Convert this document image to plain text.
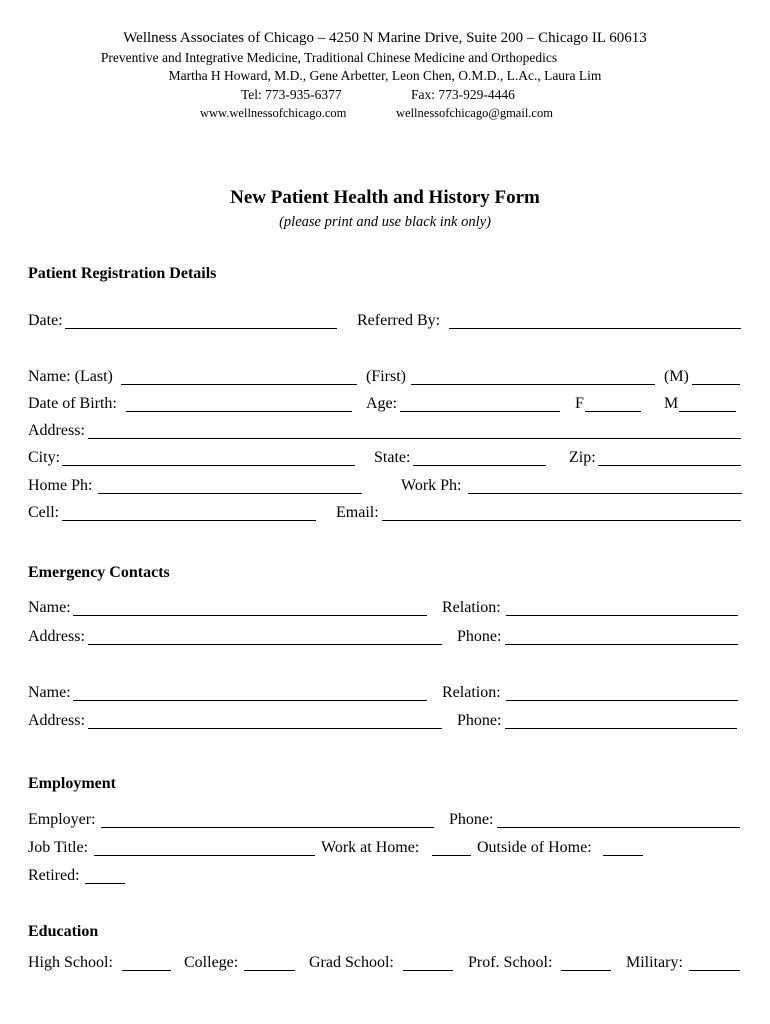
Wellness Associates of Chicago – 4250 N Marine Drive, Suite 200 – Chicago IL 60613
Preventive and Integrative Medicine, Traditional Chinese Medicine and Orthopedics
Martha H Howard, M.D., Gene Arbetter, Leon Chen, O.M.D., L.Ac., Laura Lim
Tel: 773-935-6377	Fax: 773-929-4446
www.wellnessofchicago.com	wellnessofchicago@gmail.com
New Patient Health and History Form
(please print and use black ink only)
Patient Registration Details
Date:	Referred By:
Name: (Last)	(First)	(M)
Date of Birth:	Age:	F	M
Address:
City:	State:	Zip:
Home Ph:	Work Ph:
Cell:	Email:
Emergency Contacts
Name:	Relation:
Address:	Phone:
Name:	Relation:
Address:	Phone:
Employment
Employer:	Phone:
Job Title:	Work at Home:	Outside of Home:
Retired:
Education
High School:	College:	Grad School:	Prof. School:	Military:
